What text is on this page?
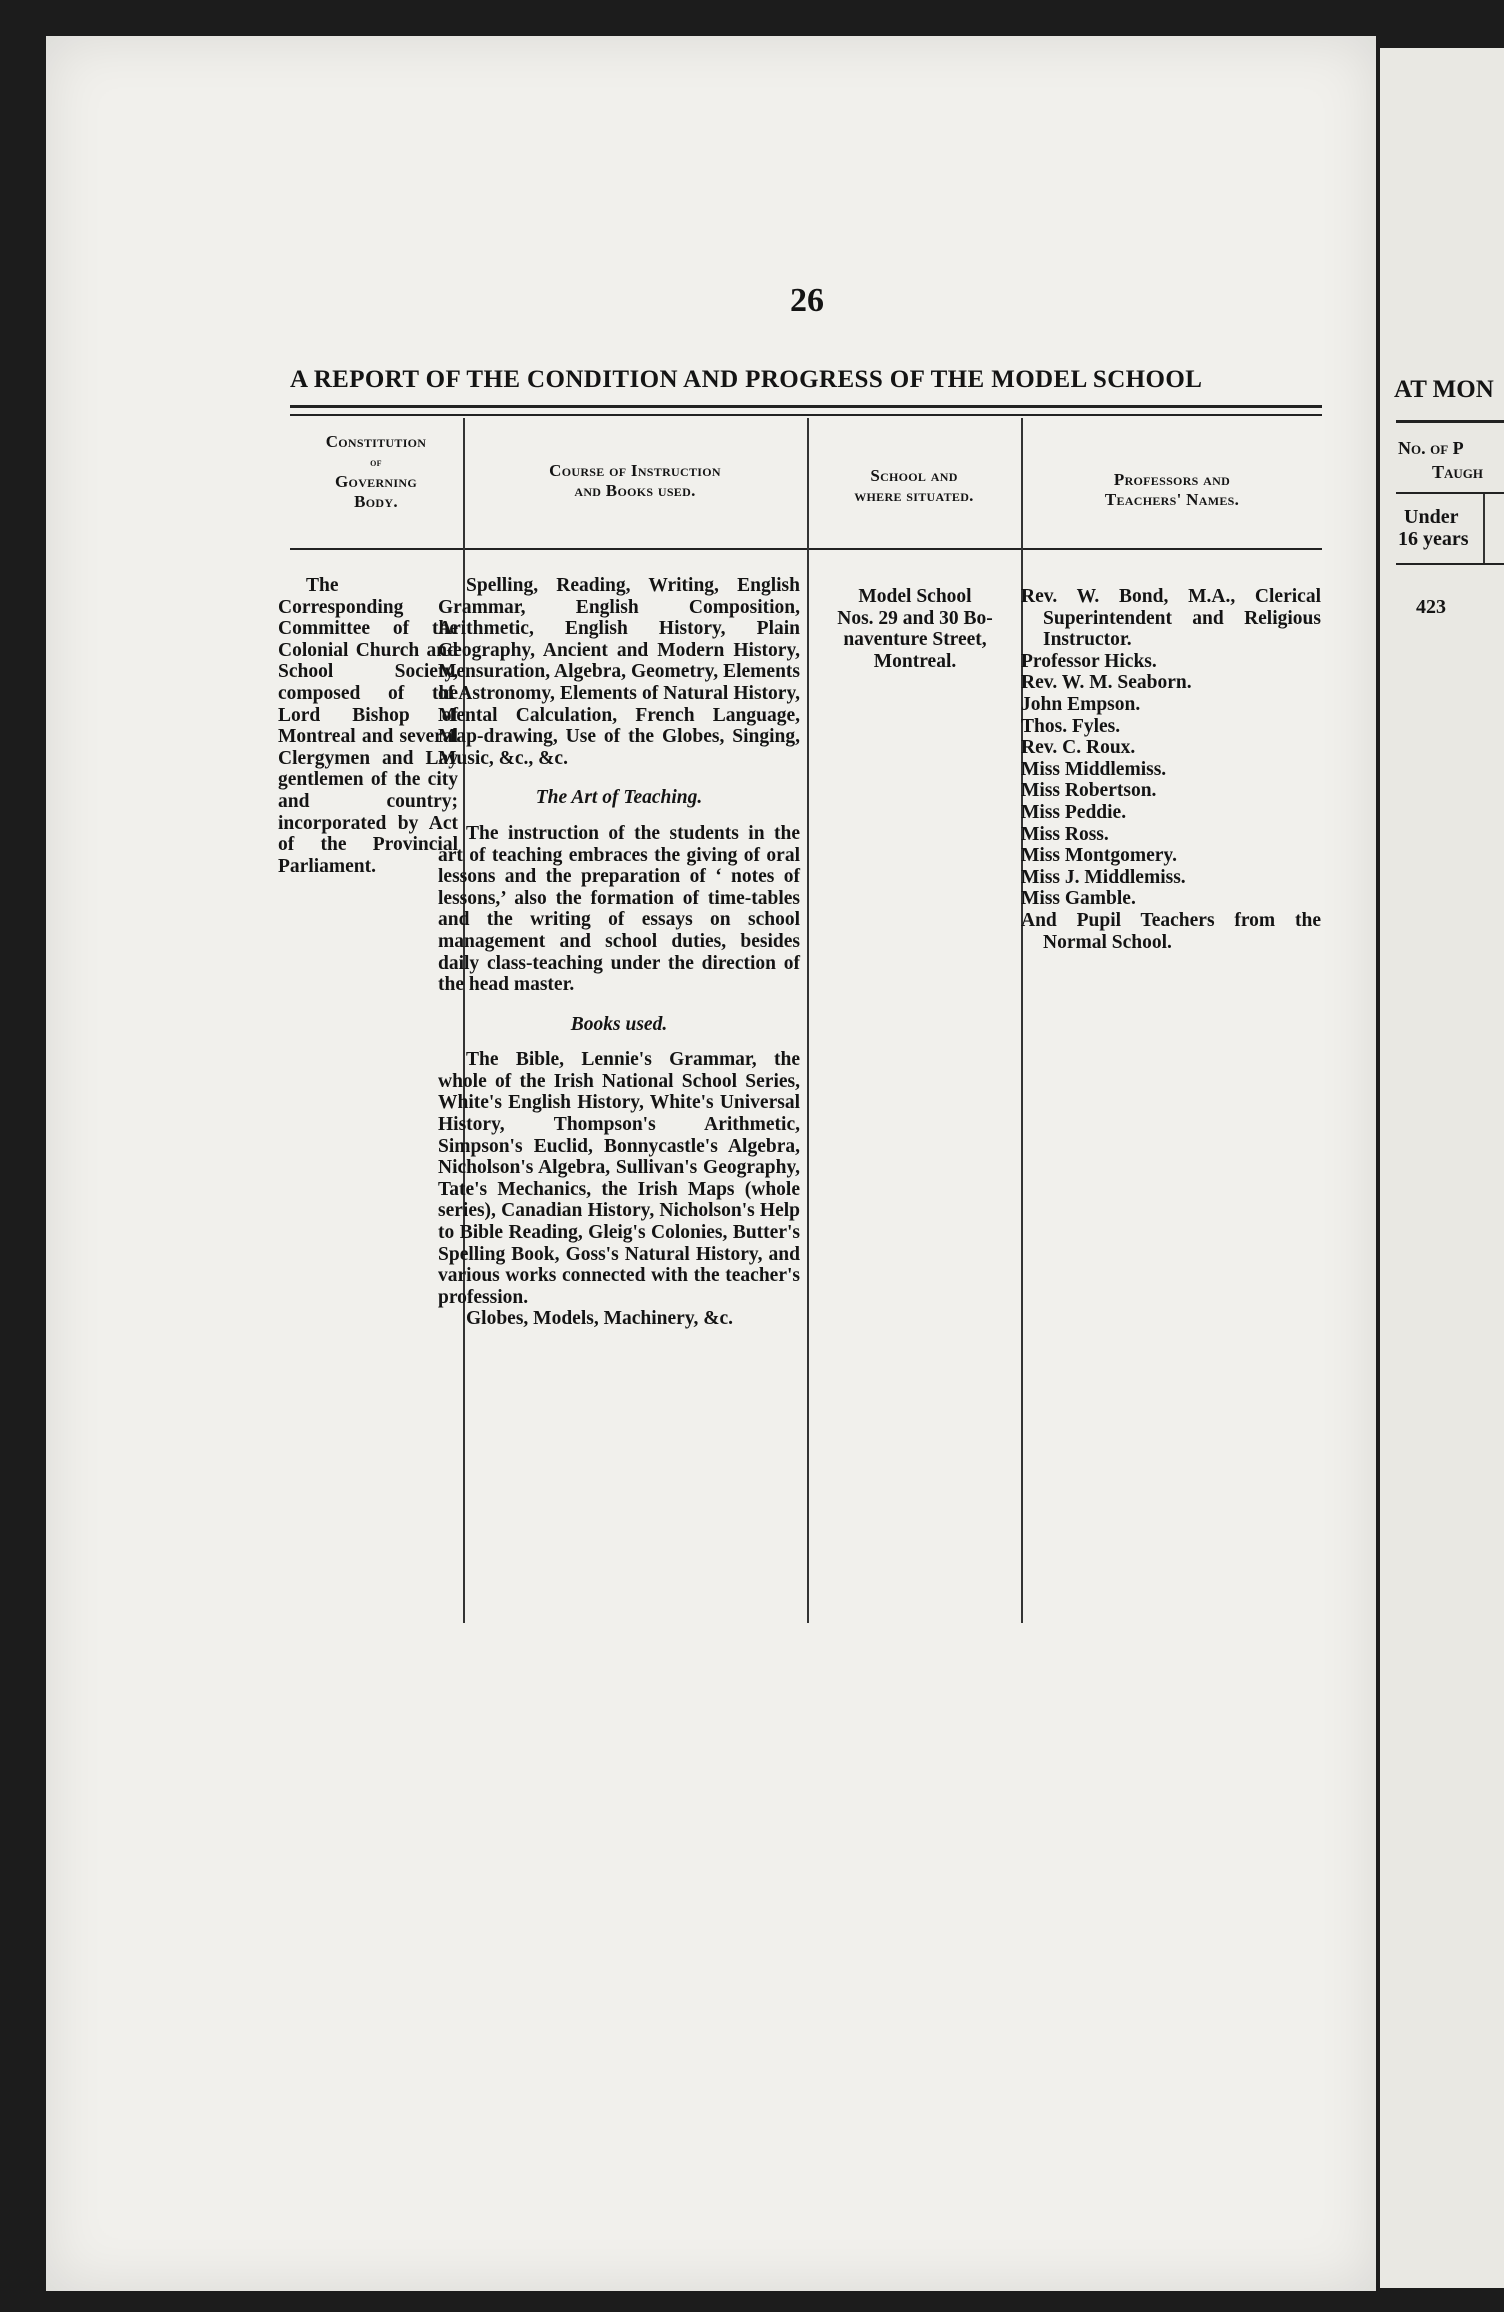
26
A REPORT OF THE CONDITION AND PROGRESS OF THE MODEL SCHOOL
Constitution
of
Governing
Body.
Course of Instruction
and Books used.
School and
where situated.
Professors and
Teachers' Names.
The Corresponding Committee of the Colonial Church and School Society, composed of the Lord Bishop of Montreal and several Clergymen and Lay gentlemen of the city and country; incorporated by Act of the Provincial Parliament.

Spelling, Reading, Writing, English Grammar, English Composition, Arithmetic, English History, Plain Geography, Ancient and Modern History, Mensuration, Algebra, Geometry, Elements of Astronomy, Elements of Natural History, Mental Calculation, French Language, Map-drawing, Use of the Globes, Singing, Music, &c., &c.

The Art of Teaching.

The instruction of the students in the art of teaching embraces the giving of oral lessons and the preparation of ‘ notes of lessons,’ also the formation of time-tables and the writing of essays on school management and school duties, besides daily class-teaching under the direction of the head master.

Books used.

The Bible, Lennie's Grammar, the whole of the Irish National School Series, White's English History, White's Universal History, Thompson's Arithmetic, Simpson's Euclid, Bonnycastle's Algebra, Nicholson's Algebra, Sullivan's Geography, Tate's Mechanics, the Irish Maps (whole series), Canadian History, Nicholson's Help to Bible Reading, Gleig's Colonies, Butter's Spelling Book, Goss's Natural History, and various works connected with the teacher's profession.

Globes, Models, Machinery, &c.

Model School
Nos. 29 and 30 Bo-
naventure Street,
Montreal.

Rev. W. Bond, M.A., Clerical Superintendent and Religious Instructor.

Professor Hicks.

Rev. W. M. Seaborn.

John Empson.

Thos. Fyles.

Rev. C. Roux.

Miss Middlemiss.

Miss Robertson.

Miss Peddie.

Miss Ross.

Miss Montgomery.

Miss J. Middlemiss.

Miss Gamble.

And Pupil Teachers from the Normal School.

AT MON
No. of P
Taugh
Under
16 years
423
